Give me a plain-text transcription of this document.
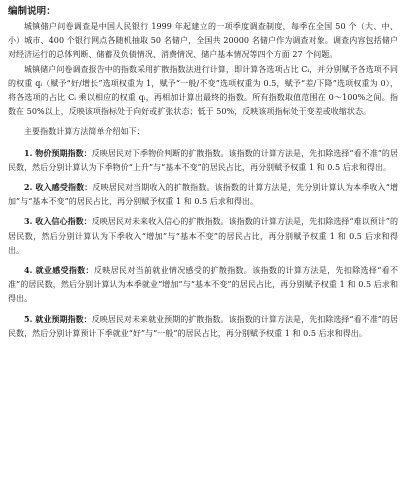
编制说明：

城镇储户问卷调查是中国人民银行 1999 年起建立的一项季度调查制度，每季在全国 50 个（大、中、小）城市、400 个银行网点各随机抽取 50 名储户，全国共 20000 名储户作为调查对象。调查内容包括储户对经济运行的总体判断、储蓄及负债情况、消费情况、储户基本情况等四个方面 27 个问题。

城镇储户问卷调查报告中的指数采用扩散指数法进行计算，即计算各选项占比 Cᵢ，并分别赋予各选项不同的权重 qᵢ（赋予“好/增长”选项权重为 1，赋予“一般/不变”选项权重为 0.5，赋予“差/下降”选项权重为 0），将各选项的占比 Cᵢ 乘以相应的权重 qᵢ，再相加计算出最终的指数。所有指数取值范围在 0～100%之间。指数在 50%以上，反映该项指标处于向好或扩张状态；低于 50%，反映该项指标处于变差或收缩状态。

主要指数计算方法简单介绍如下：

1. 物价预期指数：反映居民对下季物价判断的扩散指数。该指数的计算方法是，先扣除选择“看不准”的居民数，然后分别计算认为下季物价“上升”与“基本不变”的居民占比，再分别赋予权重 1 和 0.5 后求和得出。

2. 收入感受指数：反映居民对当期收入的扩散指数。该指数的计算方法是，先分别计算认为本季收入“增加”与“基本不变”的居民占比，再分别赋予权重 1 和 0.5 后求和得出。

3. 收入信心指数：反映居民对未来收入信心的扩散指数。该指数的计算方法是，先扣除选择“难以预计”的居民数，然后分别计算认为下季收入“增加”与“基本不变”的居民占比，再分别赋予权重 1 和 0.5 后求和得出。

4. 就业感受指数：反映居民对当前就业情况感受的扩散指数。该指数的计算方法是，先扣除选择“看不准”的居民数，然后分别计算认为本季就业“增加”与“基本不变”的居民占比，再分别赋予权重 1 和 0.5 后求和得出。

5. 就业预期指数：反映居民对未来就业预期的扩散指数。该指数的计算方法是，先扣除选择“看不准”的居民数，然后分别计算预计下季就业“好”与“一般”的居民占比，再分别赋予权重 1 和 0.5 后求和得出。
